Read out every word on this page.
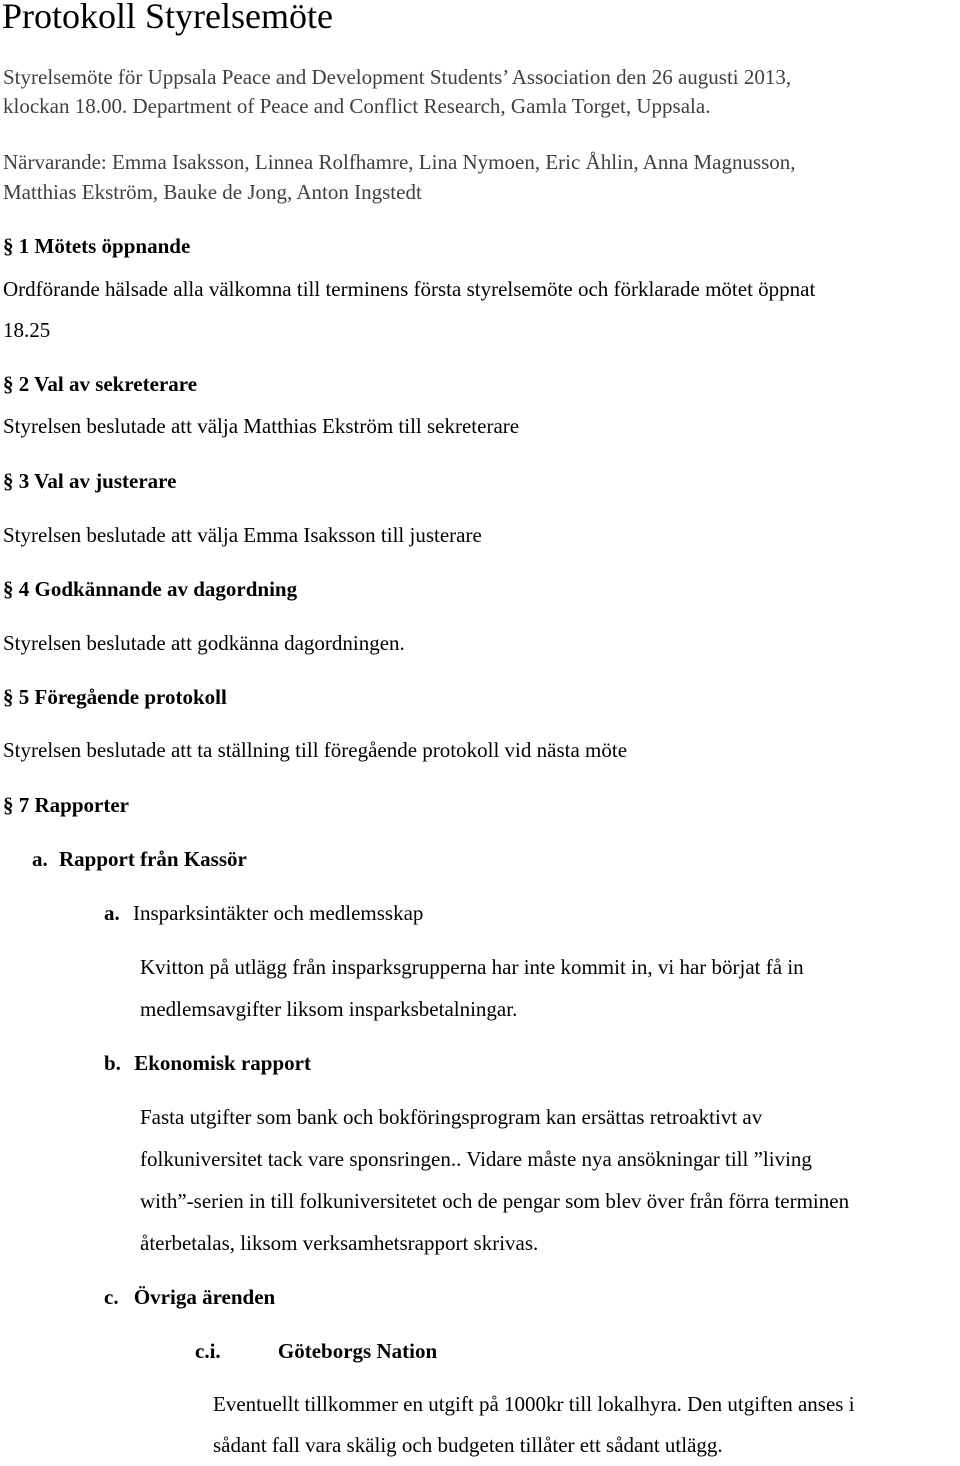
Protokoll Styrelsemöte

Styrelsemöte för Uppsala Peace and Development Students’ Association den 26 augusti 2013,

klockan 18.00. Department of Peace and Conflict Research, Gamla Torget, Uppsala.

Närvarande: Emma Isaksson, Linnea Rolfhamre, Lina Nymoen, Eric Åhlin, Anna Magnusson,

Matthias Ekström, Bauke de Jong, Anton Ingstedt

§ 1 Mötets öppnande

Ordförande hälsade alla välkomna till terminens första styrelsemöte och förklarade mötet öppnat

18.25

§ 2 Val av sekreterare

Styrelsen beslutade att välja Matthias Ekström till sekreterare

§ 3 Val av justerare

Styrelsen beslutade att välja Emma Isaksson till justerare

§ 4 Godkännande av dagordning

Styrelsen beslutade att godkänna dagordningen.

§ 5 Föregående protokoll

Styrelsen beslutade att ta ställning till föregående protokoll vid nästa möte

§ 7 Rapporter
a. Rapport från Kassör
a. Insparksintäkter och medlemsskap

Kvitton på utlägg från insparksgrupperna har inte kommit in, vi har börjat få in

medlemsavgifter liksom insparksbetalningar.

b. Ekonomisk rapport

Fasta utgifter som bank och bokföringsprogram kan ersättas retroaktivt av

folkuniversitet tack vare sponsringen.. Vidare måste nya ansökningar till ”living

with”-serien in till folkuniversitetet och de pengar som blev över från förra terminen

återbetalas, liksom verksamhetsrapport skrivas.

c. Övriga ärenden
c.i.	Göteborgs Nation

Eventuellt tillkommer en utgift på 1000kr till lokalhyra. Den utgiften anses i

sådant fall vara skälig och budgeten tillåter ett sådant utlägg.
